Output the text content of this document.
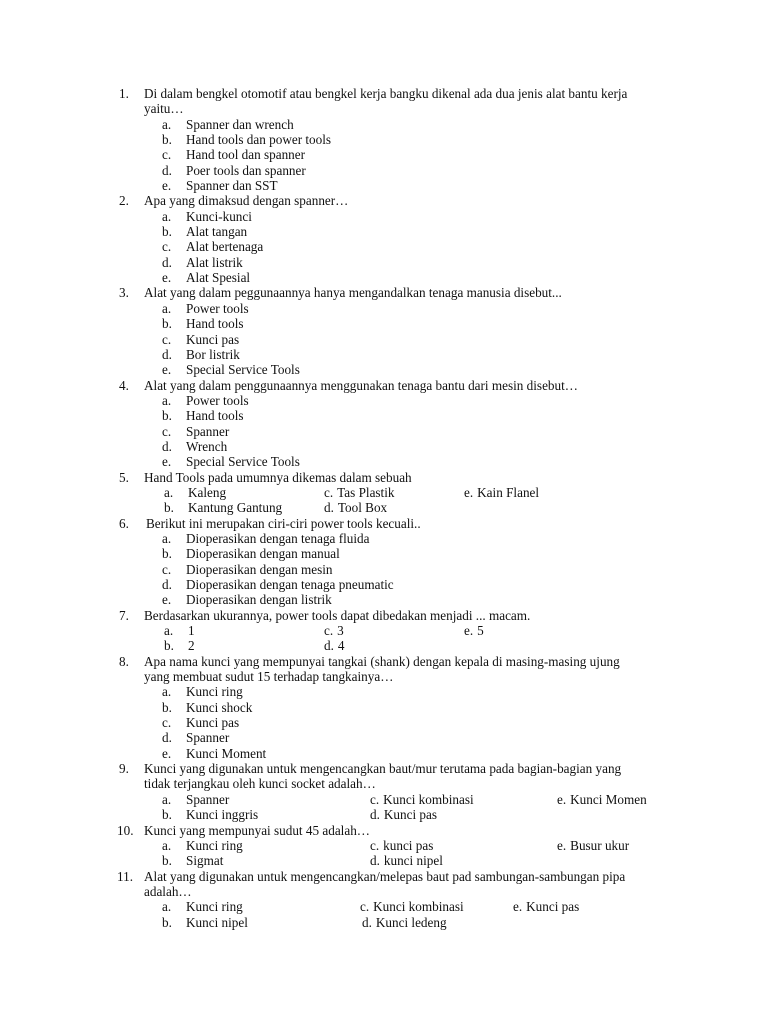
1. Di dalam bengkel otomotif atau bengkel kerja bangku dikenal ada dua jenis alat bantu kerja
yaitu…
a. Spanner dan wrench
b. Hand tools dan power tools
c. Hand tool dan spanner
d. Poer tools dan spanner
e. Spanner dan SST
2. Apa yang dimaksud dengan spanner…
a. Kunci-kunci
b. Alat tangan
c. Alat bertenaga
d. Alat listrik
e. Alat Spesial
3. Alat yang dalam peggunaannya hanya mengandalkan tenaga manusia disebut...
a. Power tools
b. Hand tools
c. Kunci pas
d. Bor listrik
e. Special Service Tools
4. Alat yang dalam penggunaannya menggunakan tenaga bantu dari mesin disebut…
a. Power tools
b. Hand tools
c. Spanner
d. Wrench
e. Special Service Tools
5. Hand Tools pada umumnya dikemas dalam sebuah
a. Kaleng	c. Tas Plastik	e. Kain Flanel
b. Kantung Gantung	d. Tool Box
6. Berikut ini merupakan ciri-ciri power tools kecuali..
a. Dioperasikan dengan tenaga fluida
b. Dioperasikan dengan manual
c. Dioperasikan dengan mesin
d. Dioperasikan dengan tenaga pneumatic
e. Dioperasikan dengan listrik
7. Berdasarkan ukurannya, power tools dapat dibedakan menjadi ... macam.
a. 1	c. 3	e. 5
b. 2	d. 4
8. Apa nama kunci yang mempunyai tangkai (shank) dengan kepala di masing-masing ujung
yang membuat sudut 15 terhadap tangkainya…
a. Kunci ring
b. Kunci shock
c. Kunci pas
d. Spanner
e. Kunci Moment
9. Kunci yang digunakan untuk mengencangkan baut/mur terutama pada bagian-bagian yang
tidak terjangkau oleh kunci socket adalah…
a. Spanner	c. Kunci kombinasi	e. Kunci Momen
b. Kunci inggris	d. Kunci pas
10. Kunci yang mempunyai sudut 45 adalah…
a. Kunci ring	c. kunci pas	e. Busur ukur
b. Sigmat	d. kunci nipel
11. Alat yang digunakan untuk mengencangkan/melepas baut pad sambungan-sambungan pipa
adalah…
a. Kunci ring	c. Kunci kombinasi	e. Kunci pas
b. Kunci nipel	d. Kunci ledeng
